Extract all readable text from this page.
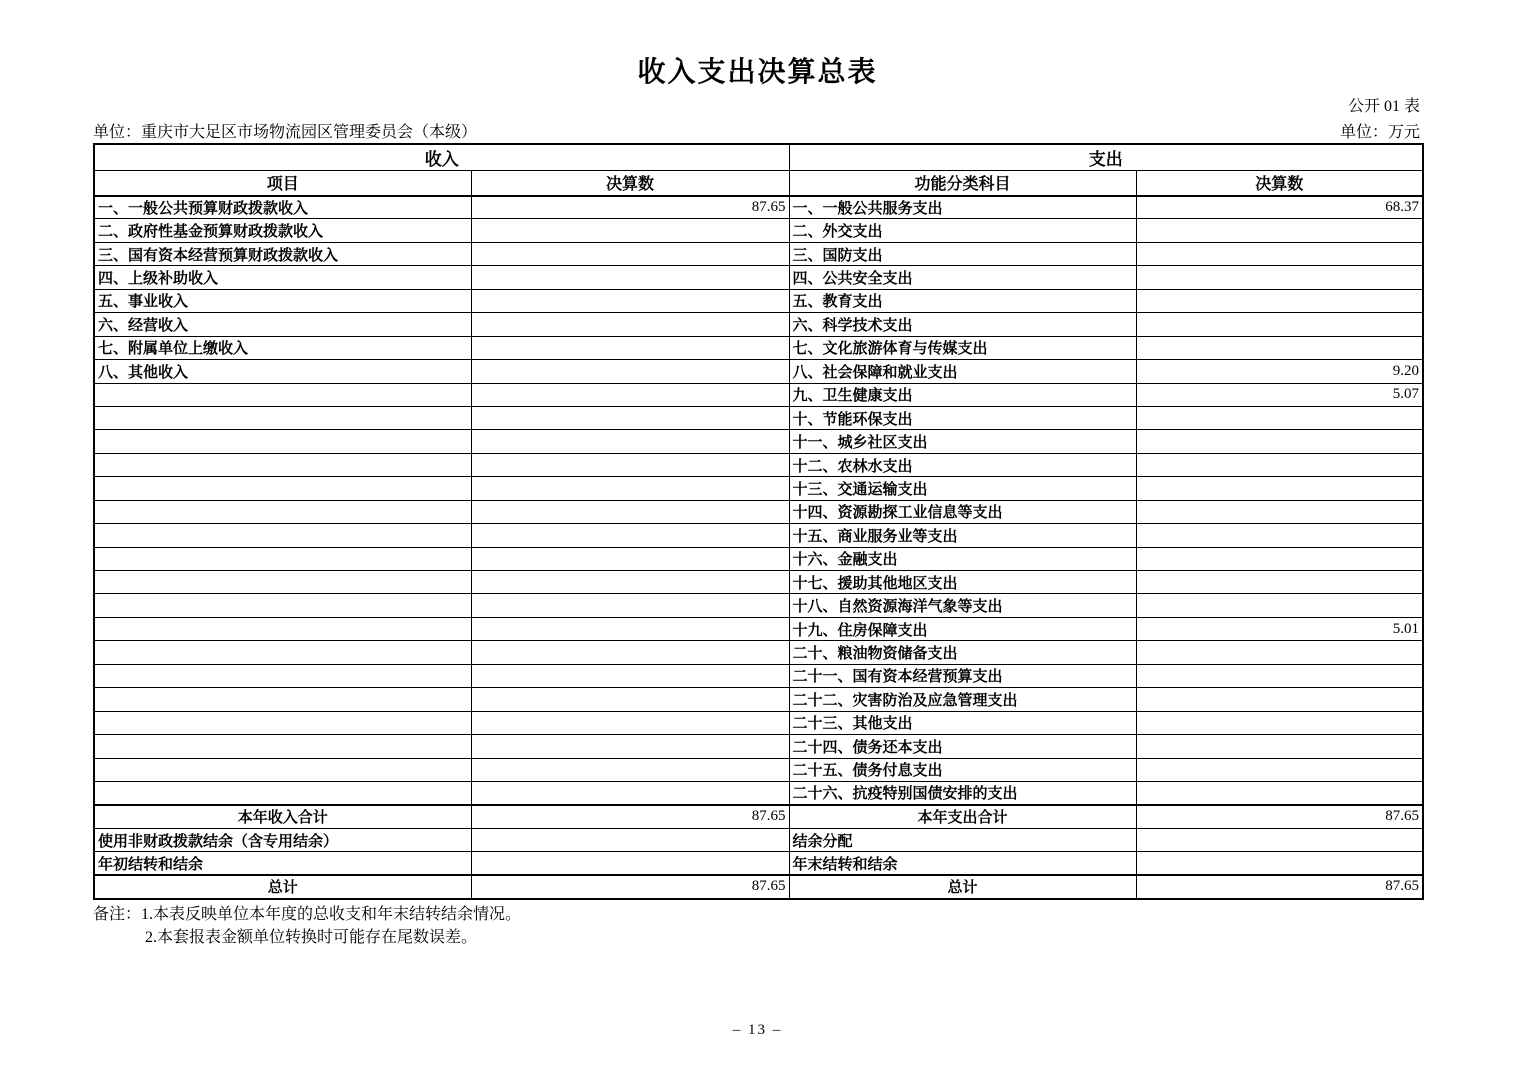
收入支出决算总表
公开 01 表
单位：重庆市大足区市场物流园区管理委员会（本级）	单位：万元
收入		支出	
项目	决算数	功能分类科目	决算数
一、一般公共预算财政拨款收入	87.65	一、一般公共服务支出	68.37
二、政府性基金预算财政拨款收入		二、外交支出	
三、国有资本经营预算财政拨款收入		三、国防支出	
四、上级补助收入		四、公共安全支出	
五、事业收入		五、教育支出	
六、经营收入		六、科学技术支出	
七、附属单位上缴收入		七、文化旅游体育与传媒支出	
八、其他收入		八、社会保障和就业支出	9.20
		九、卫生健康支出	5.07
		十、节能环保支出	
		十一、城乡社区支出	
		十二、农林水支出	
		十三、交通运输支出	
		十四、资源勘探工业信息等支出	
		十五、商业服务业等支出	
		十六、金融支出	
		十七、援助其他地区支出	
		十八、自然资源海洋气象等支出	
		十九、住房保障支出	5.01
		二十、粮油物资储备支出	
		二十一、国有资本经营预算支出	
		二十二、灾害防治及应急管理支出	
		二十三、其他支出	
		二十四、债务还本支出	
		二十五、债务付息支出	
		二十六、抗疫特别国债安排的支出	
本年收入合计	87.65	本年支出合计	87.65
使用非财政拨款结余（含专用结余）		结余分配	
年初结转和结余		年末结转和结余	
总计	87.65	总计	87.65
备注：1.本表反映单位本年度的总收支和年末结转结余情况。
2.本套报表金额单位转换时可能存在尾数误差。
– 13 –
